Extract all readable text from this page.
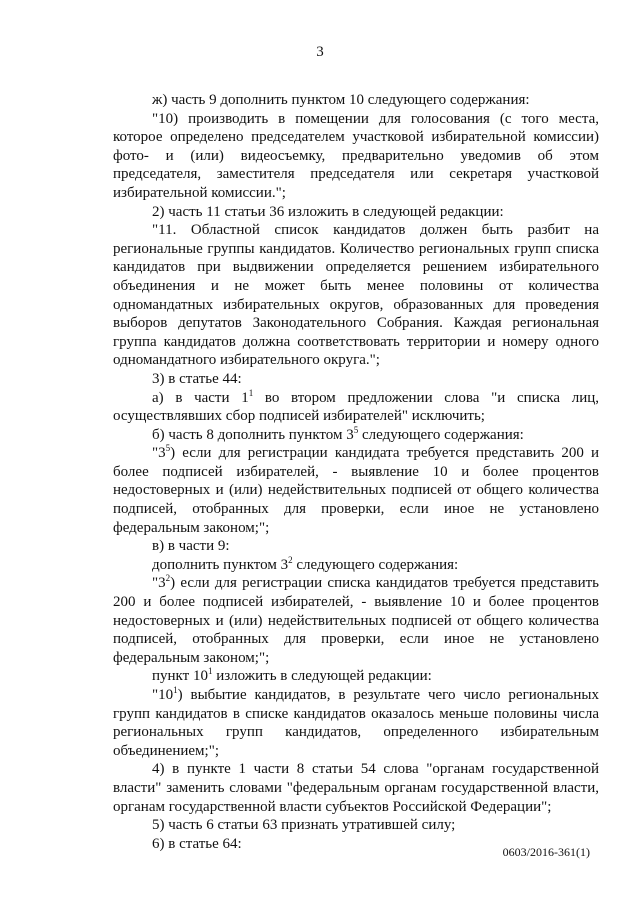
3
ж) часть 9 дополнить пунктом 10 следующего содержания:
"10) производить в помещении для голосования (с того места,
которое определено председателем участковой избирательной комиссии)
фото- и (или) видеосъемку, предварительно уведомив об этом
председателя, заместителя председателя или секретаря участковой
избирательной комиссии.";
2) часть 11 статьи 36 изложить в следующей редакции:
"11. Областной список кандидатов должен быть разбит на
региональные группы кандидатов. Количество региональных групп списка
кандидатов при выдвижении определяется решением избирательного
объединения и не может быть менее половины от количества
одномандатных избирательных округов, образованных для проведения
выборов депутатов Законодательного Собрания. Каждая региональная
группа кандидатов должна соответствовать территории и номеру одного
одномандатного избирательного округа.";
3) в статье 44:
а) в части $1^1$ во втором предложении слова "и списка лиц,
осуществлявших сбор подписей избирателей" исключить;
б) часть 8 дополнить пунктом $3^5$ следующего содержания:
"$3^5$) если для регистрации кандидата требуется представить 200 и
более подписей избирателей, - выявление 10 и более процентов
недостоверных и (или) недействительных подписей от общего количества
подписей, отобранных для проверки, если иное не установлено
федеральным законом;";
в) в части 9:
дополнить пунктом $3^2$ следующего содержания:
"$3^2$) если для регистрации списка кандидатов требуется представить
200 и более подписей избирателей, - выявление 10 и более процентов
недостоверных и (или) недействительных подписей от общего количества
подписей, отобранных для проверки, если иное не установлено
федеральным законом;";
пункт $10^1$ изложить в следующей редакции:
"$10^1$) выбытие кандидатов, в результате чего число региональных
групп кандидатов в списке кандидатов оказалось меньше половины числа
региональных групп кандидатов, определенного избирательным
объединением;";
4) в пункте 1 части 8 статьи 54 слова "органам государственной
власти" заменить словами "федеральным органам государственной власти,
органам государственной власти субъектов Российской Федерации";
5) часть 6 статьи 63 признать утратившей силу;
6) в статье 64:
0603/2016-361(1)
